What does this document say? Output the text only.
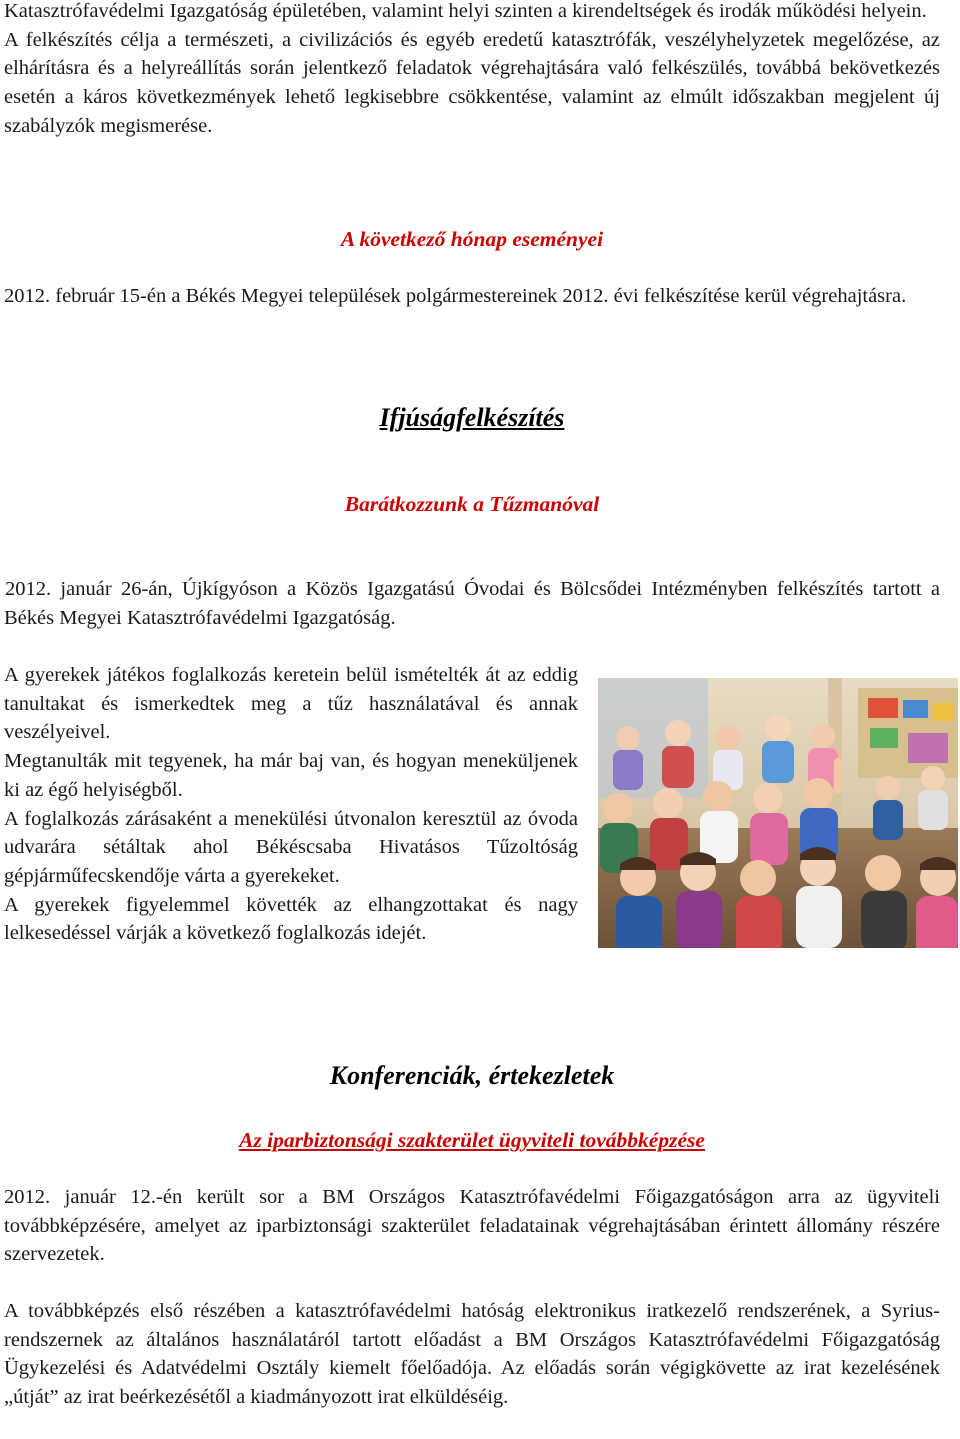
Katasztrófavédelmi Igazgatóság épületében, valamint helyi szinten a kirendeltségek és irodák működési helyein.

A felkészítés célja a természeti, a civilizációs és egyéb eredetű katasztrófák, veszélyhelyzetek megelőzése, az elhárításra és a helyreállítás során jelentkező feladatok végrehajtására való felkészülés, továbbá bekövetkezés esetén a káros következmények lehető legkisebbre csökkentése, valamint az elmúlt időszakban megjelent új szabályzók megismerése.

A következő hónap eseményei

2012. február 15-én a Békés Megyei települések polgármestereinek 2012. évi felkészítése kerül végrehajtásra.

Ifjúságfelkészítés
Barátkozzunk a Tűzmanóval

2012. január 26-án, Újkígyóson a Közös Igazgatású Óvodai és Bölcsődei Intézményben felkészítés tartott a Békés Megyei Katasztrófavédelmi Igazgatóság.

A gyerekek játékos foglalkozás keretein belül ismételték át az eddig tanultakat és ismerkedtek meg a tűz használatával és annak veszélyeivel.

Megtanulták mit tegyenek, ha már baj van, és hogyan meneküljenek ki az égő helyiségből.

A foglalkozás zárásaként a menekülési útvonalon keresztül az óvoda udvarára sétáltak ahol Békéscsaba Hivatásos Tűzoltóság gépjárműfecskendője várta a gyerekeket.

A gyerekek figyelemmel követték az elhangzottakat és nagy lelkesedéssel várják a következő foglalkozás idejét.

Konferenciák, értekezletek
Az iparbiztonsági szakterület ügyviteli továbbképzése

2012. január 12.-én került sor a BM Országos Katasztrófavédelmi Főigazgatóságon arra az ügyviteli továbbképzésére, amelyet az iparbiztonsági szakterület feladatainak végrehajtásában érintett állomány részére szervezetek.

A továbbképzés első részében a katasztrófavédelmi hatóság elektronikus iratkezelő rendszerének, a Syrius-rendszernek az általános használatáról tartott előadást a BM Országos Katasztrófavédelmi Főigazgatóság Ügykezelési és Adatvédelmi Osztály kiemelt főelőadója. Az előadás során végigkövette az irat kezelésének „útját” az irat beérkezésétől a kiadmányozott irat elküldéséig.
